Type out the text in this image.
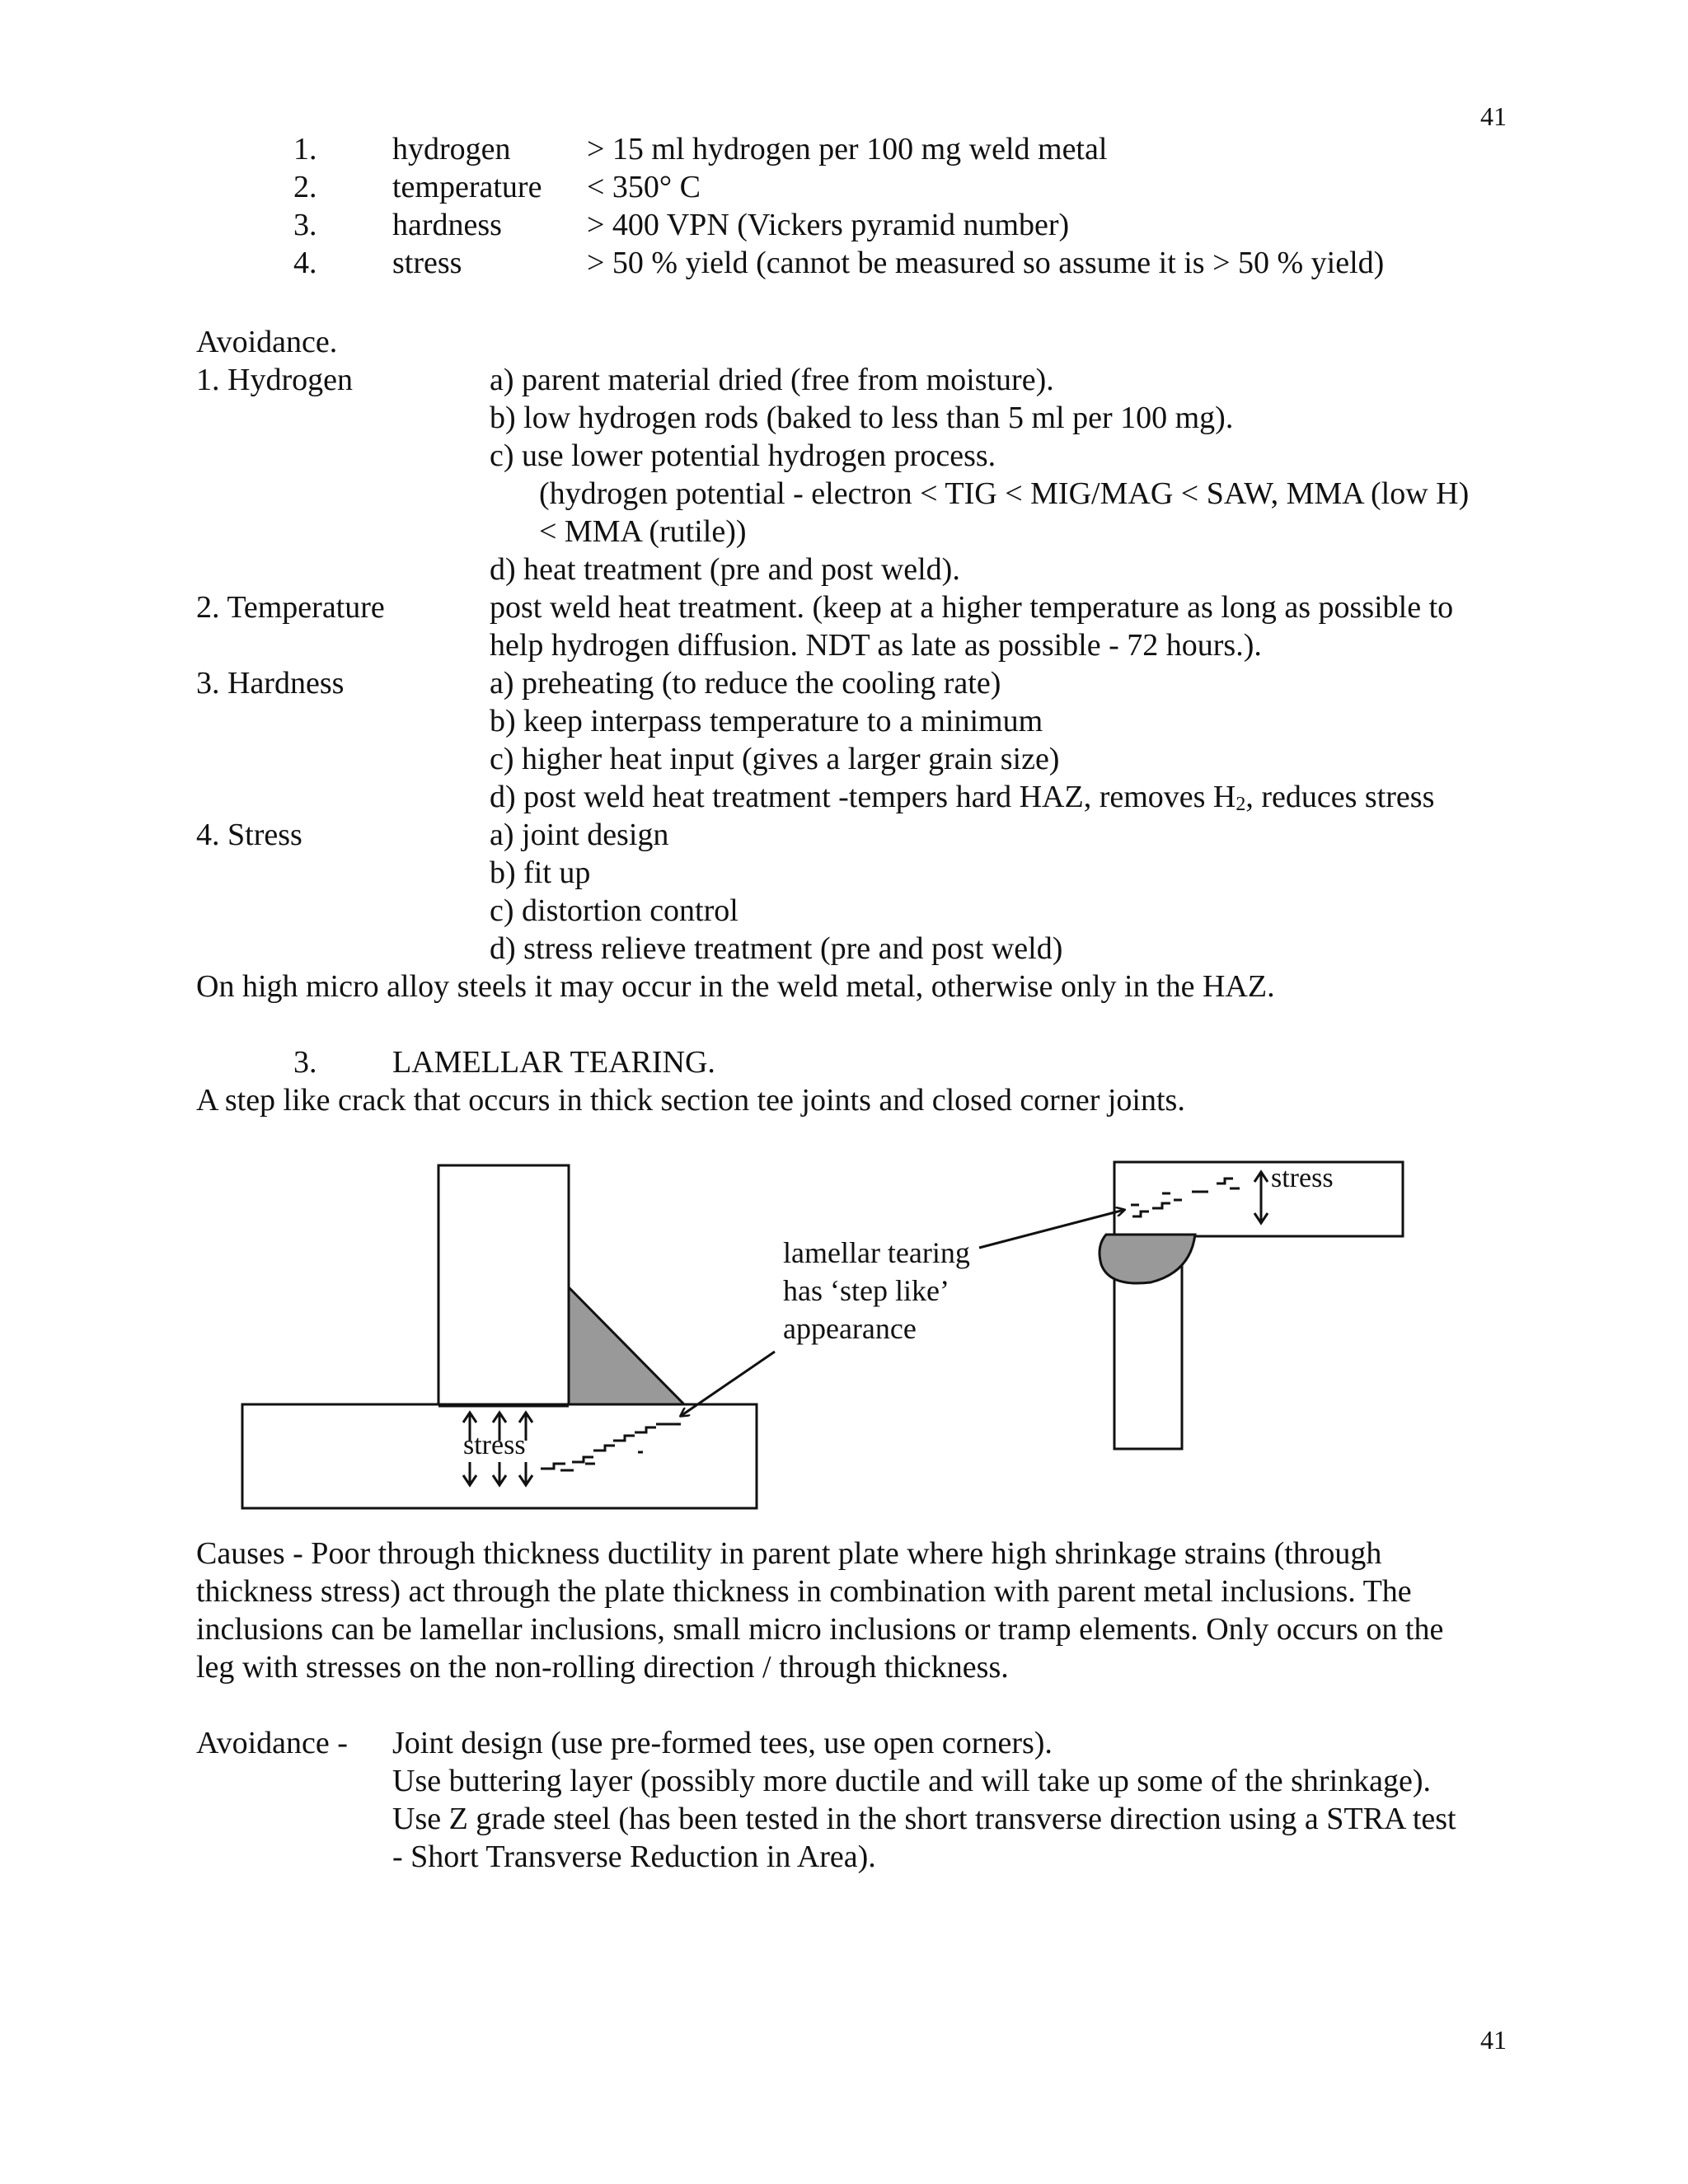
41
41
1. hydrogen > 15 ml hydrogen per 100 mg weld metal
2. temperature < 350° C
3. hardness	> 400 VPN (Vickers pyramid number)
4. stress	> 50 % yield (cannot be measured so assume it is > 50 % yield)
Avoidance.
1. Hydrogen	a) parent material dried (free from moisture).
b) low hydrogen rods (baked to less than 5 ml per 100 mg).
c) use lower potential hydrogen process.
(hydrogen potential - electron < TIG < MIG/MAG < SAW, MMA (low H)
< MMA (rutile))
d) heat treatment (pre and post weld).
2. Temperature	post weld heat treatment. (keep at a higher temperature as long as possible to
help hydrogen diffusion. NDT as late as possible - 72 hours.).
3. Hardness	a) preheating (to reduce the cooling rate)
b) keep interpass temperature to a minimum
c) higher heat input (gives a larger grain size)
d) post weld heat treatment -tempers hard HAZ, removes $H_2$, reduces stress
4. Stress	a) joint design
b) fit up
c) distortion control
d) stress relieve treatment (pre and post weld)
On high micro alloy steels it may occur in the weld metal, otherwise only in the HAZ.
3. LAMELLAR TEARING.
A step like crack that occurs in thick section tee joints and closed corner joints.
stress
stress
lamellar tearing
has ‘step like’
appearance
Causes - Poor through thickness ductility in parent plate where high shrinkage strains (through
thickness stress) act through the plate thickness in combination with parent metal inclusions. The
inclusions can be lamellar inclusions, small micro inclusions or tramp elements. Only occurs on the
leg with stresses on the non-rolling direction / through thickness.
Avoidance - Joint design (use pre-formed tees, use open corners).
Use buttering layer (possibly more ductile and will take up some of the shrinkage).
Use Z grade steel (has been tested in the short transverse direction using a STRA test
- Short Transverse Reduction in Area).
